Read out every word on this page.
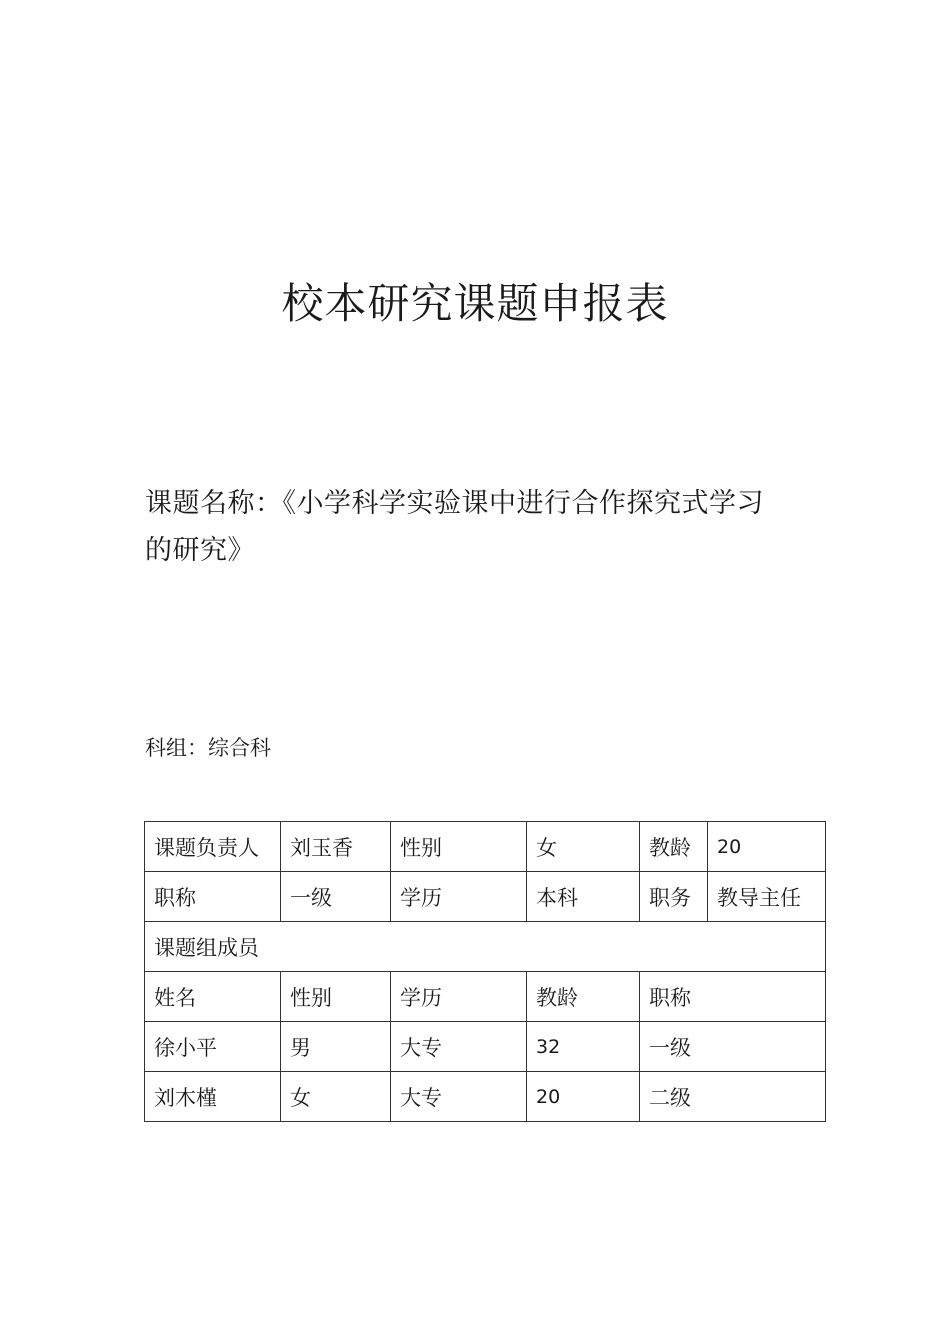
校本研究课题申报表
课题名称：《小学科学实验课中进行合作探究式学习
的研究》
科组：综合科
课题负责人	刘玉香	性别	女	教龄	20
职称	一级	学历	本科	职务	教导主任
课题组成员					
姓名	性别	学历	教龄	职称	
徐小平	男	大专	32	一级	
刘木槿	女	大专	20	二级	
